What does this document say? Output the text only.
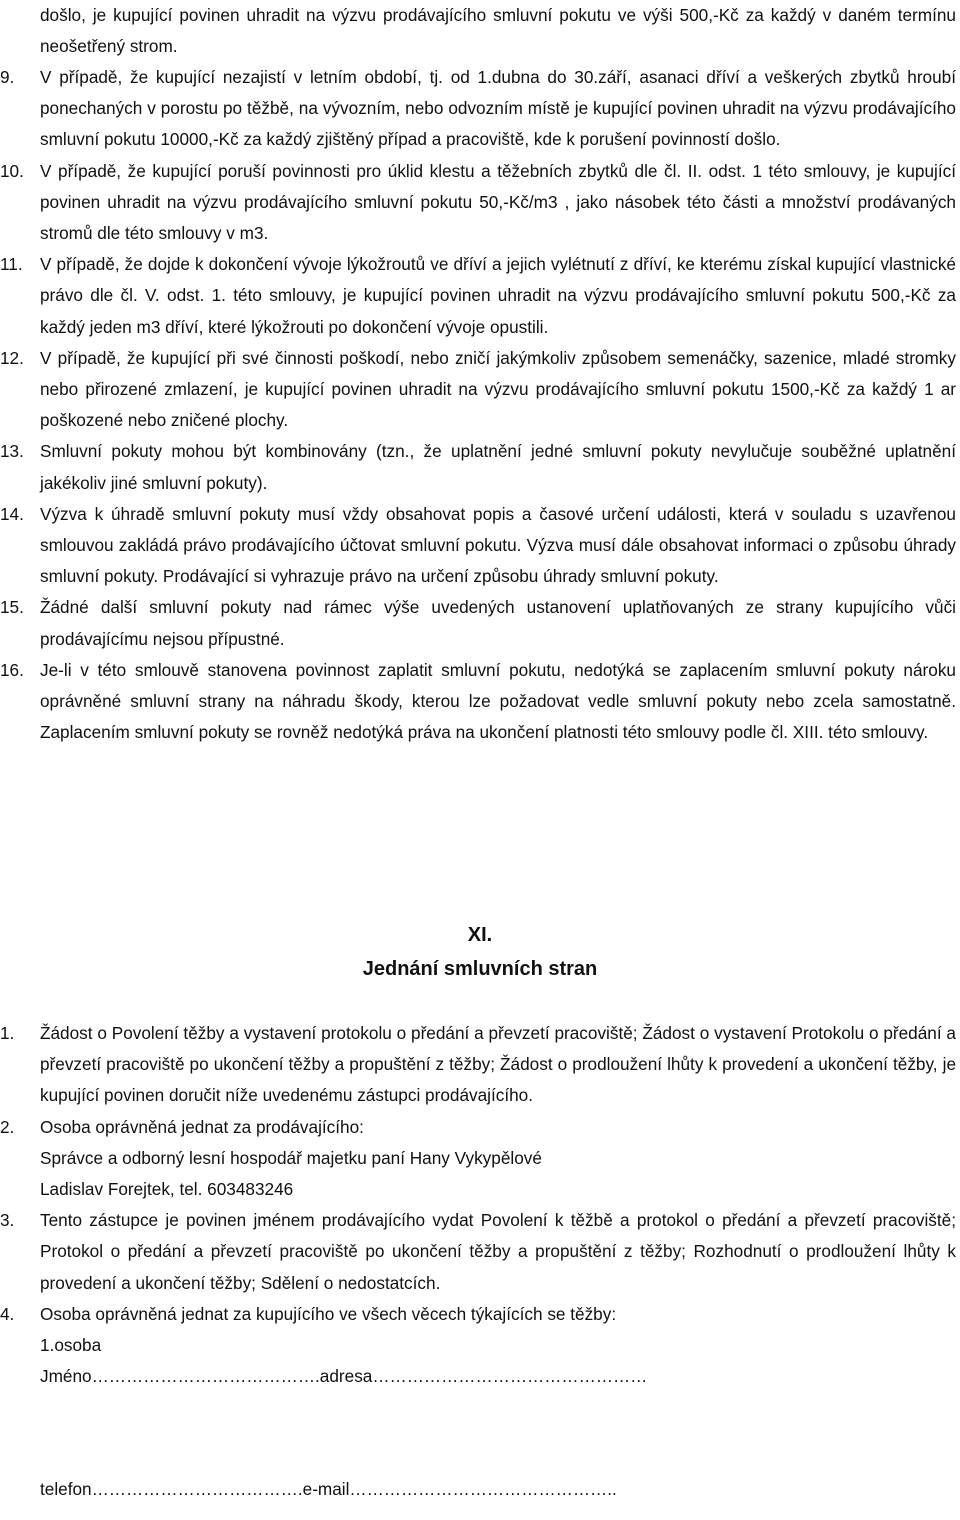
došlo, je kupující povinen uhradit na výzvu prodávajícího smluvní pokutu ve výši 500,-Kč za každý v daném termínu neošetřený strom.
9. V případě, že kupující nezajistí v letním období, tj. od 1.dubna do 30.září, asanaci dříví a veškerých zbytků hroubí ponechaných v porostu po těžbě, na vývozním, nebo odvozním místě je kupující povinen uhradit na výzvu prodávajícího smluvní pokutu 10000,-Kč za každý zjištěný případ a pracoviště, kde k porušení povinností došlo.
10. V případě, že kupující poruší povinnosti pro úklid klestu a těžebních zbytků dle čl. II. odst. 1 této smlouvy, je kupující povinen uhradit na výzvu prodávajícího smluvní pokutu 50,-Kč/m3 , jako násobek této části a množství prodávaných stromů dle této smlouvy v m3.
11. V případě, že dojde k dokončení vývoje lýkožroutů ve dříví a jejich vylétnutí z dříví, ke kterému získal kupující vlastnické právo dle čl. V. odst. 1. této smlouvy, je kupující povinen uhradit na výzvu prodávajícího smluvní pokutu 500,-Kč za každý jeden m3 dříví, které lýkožrouti po dokončení vývoje opustili.
12. V případě, že kupující při své činnosti poškodí, nebo zničí jakýmkoliv způsobem semenáčky, sazenice, mladé stromky nebo přirozené zmlazení, je kupující povinen uhradit na výzvu prodávajícího smluvní pokutu 1500,-Kč za každý 1 ar poškozené nebo zničené plochy.
13. Smluvní pokuty mohou být kombinovány (tzn., že uplatnění jedné smluvní pokuty nevylučuje souběžné uplatnění jakékoliv jiné smluvní pokuty).
14. Výzva k úhradě smluvní pokuty musí vždy obsahovat popis a časové určení události, která v souladu s uzavřenou smlouvou zakládá právo prodávajícího účtovat smluvní pokutu. Výzva musí dále obsahovat informaci o způsobu úhrady smluvní pokuty. Prodávající si vyhrazuje právo na určení způsobu úhrady smluvní pokuty.
15. Žádné další smluvní pokuty nad rámec výše uvedených ustanovení uplatňovaných ze strany kupujícího vůči prodávajícímu nejsou přípustné.
16. Je-li v této smlouvě stanovena povinnost zaplatit smluvní pokutu, nedotýká se zaplacením smluvní pokuty nároku oprávněné smluvní strany na náhradu škody, kterou lze požadovat vedle smluvní pokuty nebo zcela samostatně. Zaplacením smluvní pokuty se rovněž nedotýká práva na ukončení platnosti této smlouvy podle čl. XIII. této smlouvy.
XI.
Jednání smluvních stran
1. Žádost o Povolení těžby a vystavení protokolu o předání a převzetí pracoviště; Žádost o vystavení Protokolu o předání a převzetí pracoviště po ukončení těžby a propuštění z těžby; Žádost o prodloužení lhůty k provedení a ukončení těžby, je kupující povinen doručit níže uvedenému zástupci prodávajícího.
2. Osoba oprávněná jednat za prodávajícího:
Správce a odborný lesní hospodář majetku paní Hany Vykypělové
Ladislav Forejtek, tel. 603483246
3. Tento zástupce je povinen jménem prodávajícího vydat Povolení k těžbě a protokol o předání a převzetí pracoviště; Protokol o předání a převzetí pracoviště po ukončení těžby a propuštění z těžby; Rozhodnutí o prodloužení lhůty k provedení a ukončení těžby; Sdělení o nedostatcích.
4. Osoba oprávněná jednat za kupujícího ve všech věcech týkajících se těžby:
1.osoba
Jméno………………………………….adresa…………………………………………
telefon……………………………….e-mail………………………………………..
